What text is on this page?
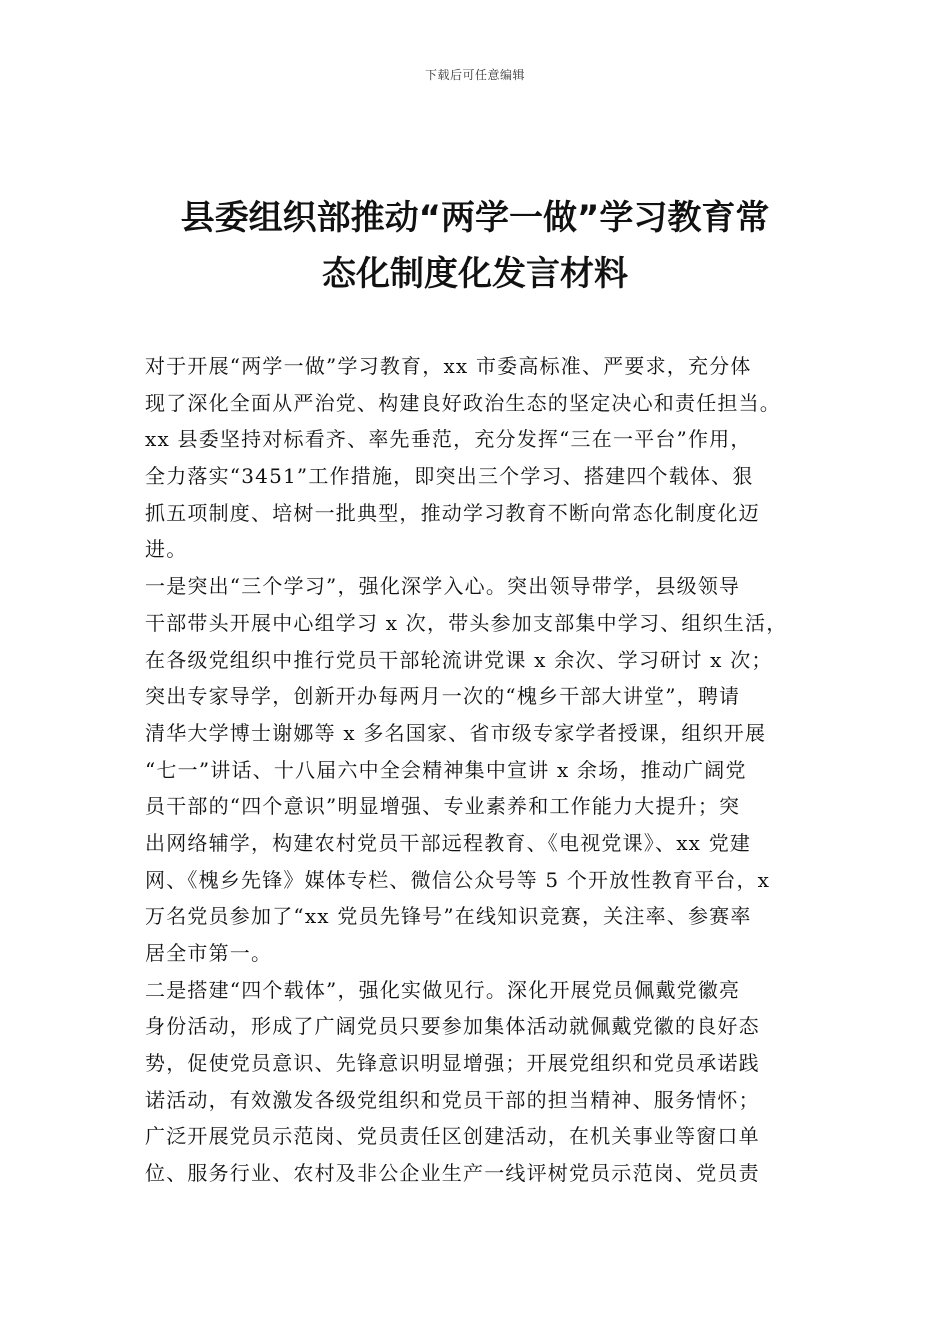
下载后可任意编辑
县委组织部推动“两学一做”学习教育常
态化制度化发言材料
对于开展“两学一做”学习教育，xx 市委高标准、严要求，充分体
现了深化全面从严治党、构建良好政治生态的坚定决心和责任担当。
xx 县委坚持对标看齐、率先垂范，充分发挥“三在一平台”作用，
全力落实“3451”工作措施，即突出三个学习、搭建四个载体、狠
抓五项制度、培树一批典型，推动学习教育不断向常态化制度化迈
进。
一是突出“三个学习”，强化深学入心。突出领导带学，县级领导
干部带头开展中心组学习 x 次，带头参加支部集中学习、组织生活，
在各级党组织中推行党员干部轮流讲党课 x 余次、学习研讨 x 次；
突出专家导学，创新开办每两月一次的“槐乡干部大讲堂”，聘请
清华大学博士谢娜等 x 多名国家、省市级专家学者授课，组织开展
“七一”讲话、十八届六中全会精神集中宣讲 x 余场，推动广阔党
员干部的“四个意识”明显增强、专业素养和工作能力大提升；突
出网络辅学，构建农村党员干部远程教育、《电视党课》、xx 党建
网、《槐乡先锋》媒体专栏、微信公众号等 5 个开放性教育平台，x
万名党员参加了“xx 党员先锋号”在线知识竞赛，关注率、参赛率
居全市第一。
二是搭建“四个载体”，强化实做见行。深化开展党员佩戴党徽亮
身份活动，形成了广阔党员只要参加集体活动就佩戴党徽的良好态
势，促使党员意识、先锋意识明显增强；开展党组织和党员承诺践
诺活动，有效激发各级党组织和党员干部的担当精神、服务情怀；
广泛开展党员示范岗、党员责任区创建活动，在机关事业等窗口单
位、服务行业、农村及非公企业生产一线评树党员示范岗、党员责
